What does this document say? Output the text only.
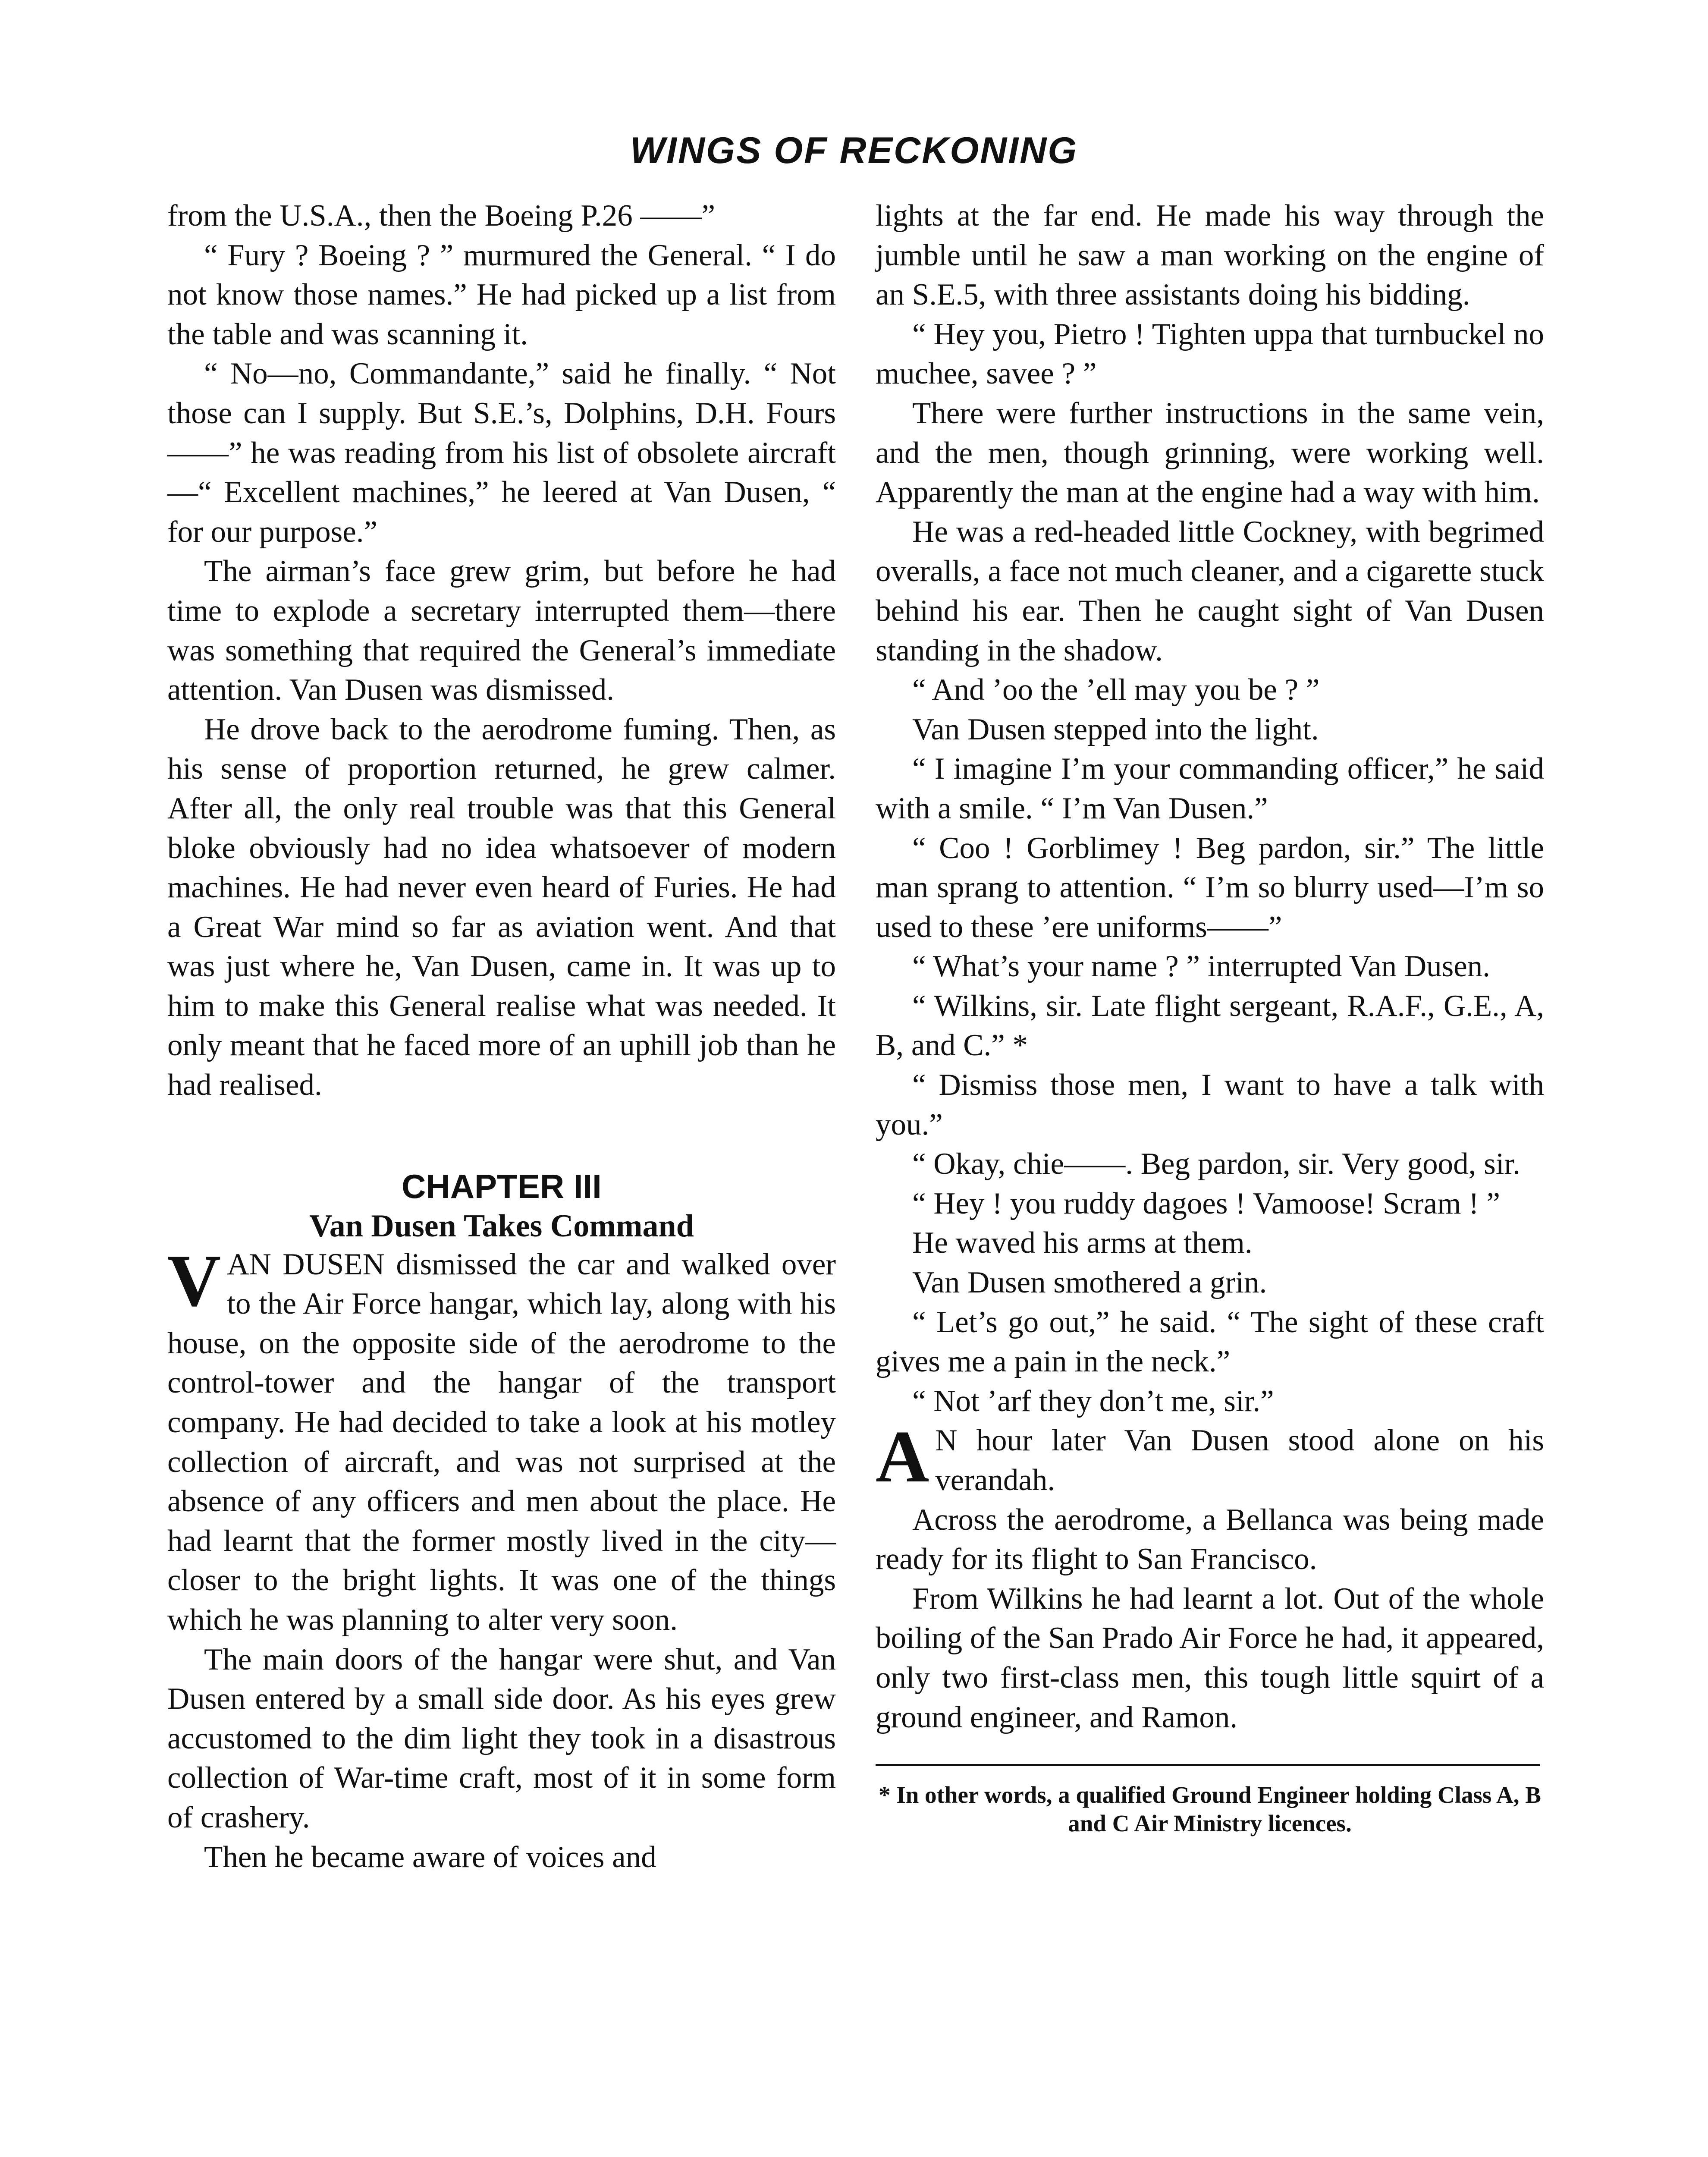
WINGS OF RECKONING

from the U.S.A., then the Boeing P.26 ——”

“ Fury ? Boeing ? ” murmured the General. “ I do not know those names.” He had picked up a list from the table and was scanning it.

“ No—no, Commandante,” said he finally. “ Not those can I supply. But S.E.’s, Dolphins, D.H. Fours——” he was reading from his list of obsolete aircraft—“ Excellent machines,” he leered at Van Dusen, “ for our purpose.”

The airman’s face grew grim, but before he had time to explode a secretary interrupted them—there was something that required the General’s immediate attention. Van Dusen was dismissed.

He drove back to the aerodrome fuming. Then, as his sense of proportion returned, he grew calmer. After all, the only real trouble was that this General bloke obviously had no idea whatsoever of modern machines. He had never even heard of Furies. He had a Great War mind so far as aviation went. And that was just where he, Van Dusen, came in. It was up to him to make this General realise what was needed. It only meant that he faced more of an uphill job than he had realised.

CHAPTER III
Van Dusen Takes Command

VAN DUSEN dismissed the car and walked over to the Air Force hangar, which lay, along with his house, on the opposite side of the aerodrome to the control-tower and the hangar of the transport company. He had decided to take a look at his motley collection of aircraft, and was not surprised at the absence of any officers and men about the place. He had learnt that the former mostly lived in the city—closer to the bright lights. It was one of the things which he was planning to alter very soon.

The main doors of the hangar were shut, and Van Dusen entered by a small side door. As his eyes grew accustomed to the dim light they took in a disastrous collection of War-time craft, most of it in some form of crashery.

Then he became aware of voices and

lights at the far end. He made his way through the jumble until he saw a man working on the engine of an S.E.5, with three assistants doing his bidding.

“ Hey you, Pietro ! Tighten uppa that turnbuckel no muchee, savee ? ”

There were further instructions in the same vein, and the men, though grinning, were working well. Apparently the man at the engine had a way with him.

He was a red-headed little Cockney, with begrimed overalls, a face not much cleaner, and a cigarette stuck behind his ear. Then he caught sight of Van Dusen standing in the shadow.

“ And ’oo the ’ell may you be ? ”

Van Dusen stepped into the light.

“ I imagine I’m your commanding officer,” he said with a smile. “ I’m Van Dusen.”

“ Coo ! Gorblimey ! Beg pardon, sir.” The little man sprang to attention. “ I’m so blurry used—I’m so used to these ’ere uniforms——”

“ What’s your name ? ” interrupted Van Dusen.

“ Wilkins, sir. Late flight sergeant, R.A.F., G.E., A, B, and C.” *

“ Dismiss those men, I want to have a talk with you.”

“ Okay, chie——. Beg pardon, sir. Very good, sir.

“ Hey ! you ruddy dagoes ! Vamoose! Scram ! ”

He waved his arms at them.

Van Dusen smothered a grin.

“ Let’s go out,” he said. “ The sight of these craft gives me a pain in the neck.”

“ Not ’arf they don’t me, sir.”

A N hour later Van Dusen stood alone on his verandah.

Across the aerodrome, a Bellanca was being made ready for its flight to San Francisco.

From Wilkins he had learnt a lot. Out of the whole boiling of the San Prado Air Force he had, it appeared, only two first-class men, this tough little squirt of a ground engineer, and Ramon.

* In other words, a qualified Ground Engineer holding Class A, B and C Air Ministry licences.
